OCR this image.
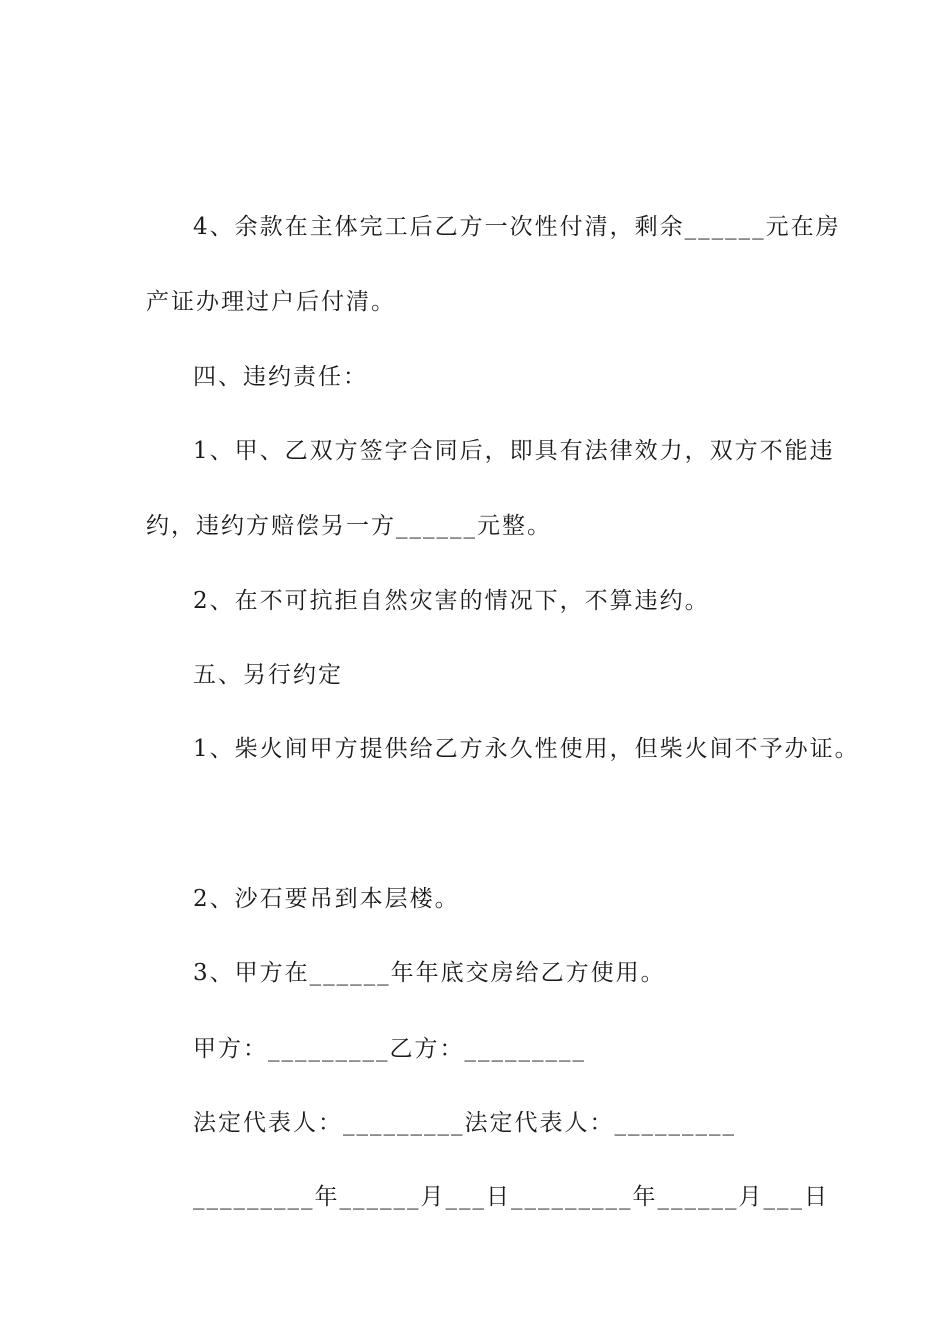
4、余款在主体完工后乙方一次性付清，剩余______元在房
产证办理过户后付清。
四、违约责任：
1、甲、乙双方签字合同后，即具有法律效力，双方不能违
约，违约方赔偿另一方______元整。
2、在不可抗拒自然灾害的情况下，不算违约。
五、另行约定
1、柴火间甲方提供给乙方永久性使用，但柴火间不予办证。
2、沙石要吊到本层楼。
3、甲方在______年年底交房给乙方使用。
甲方：_________乙方：_________
法定代表人：_________法定代表人：_________
_________年______月___日_________年______月___日
